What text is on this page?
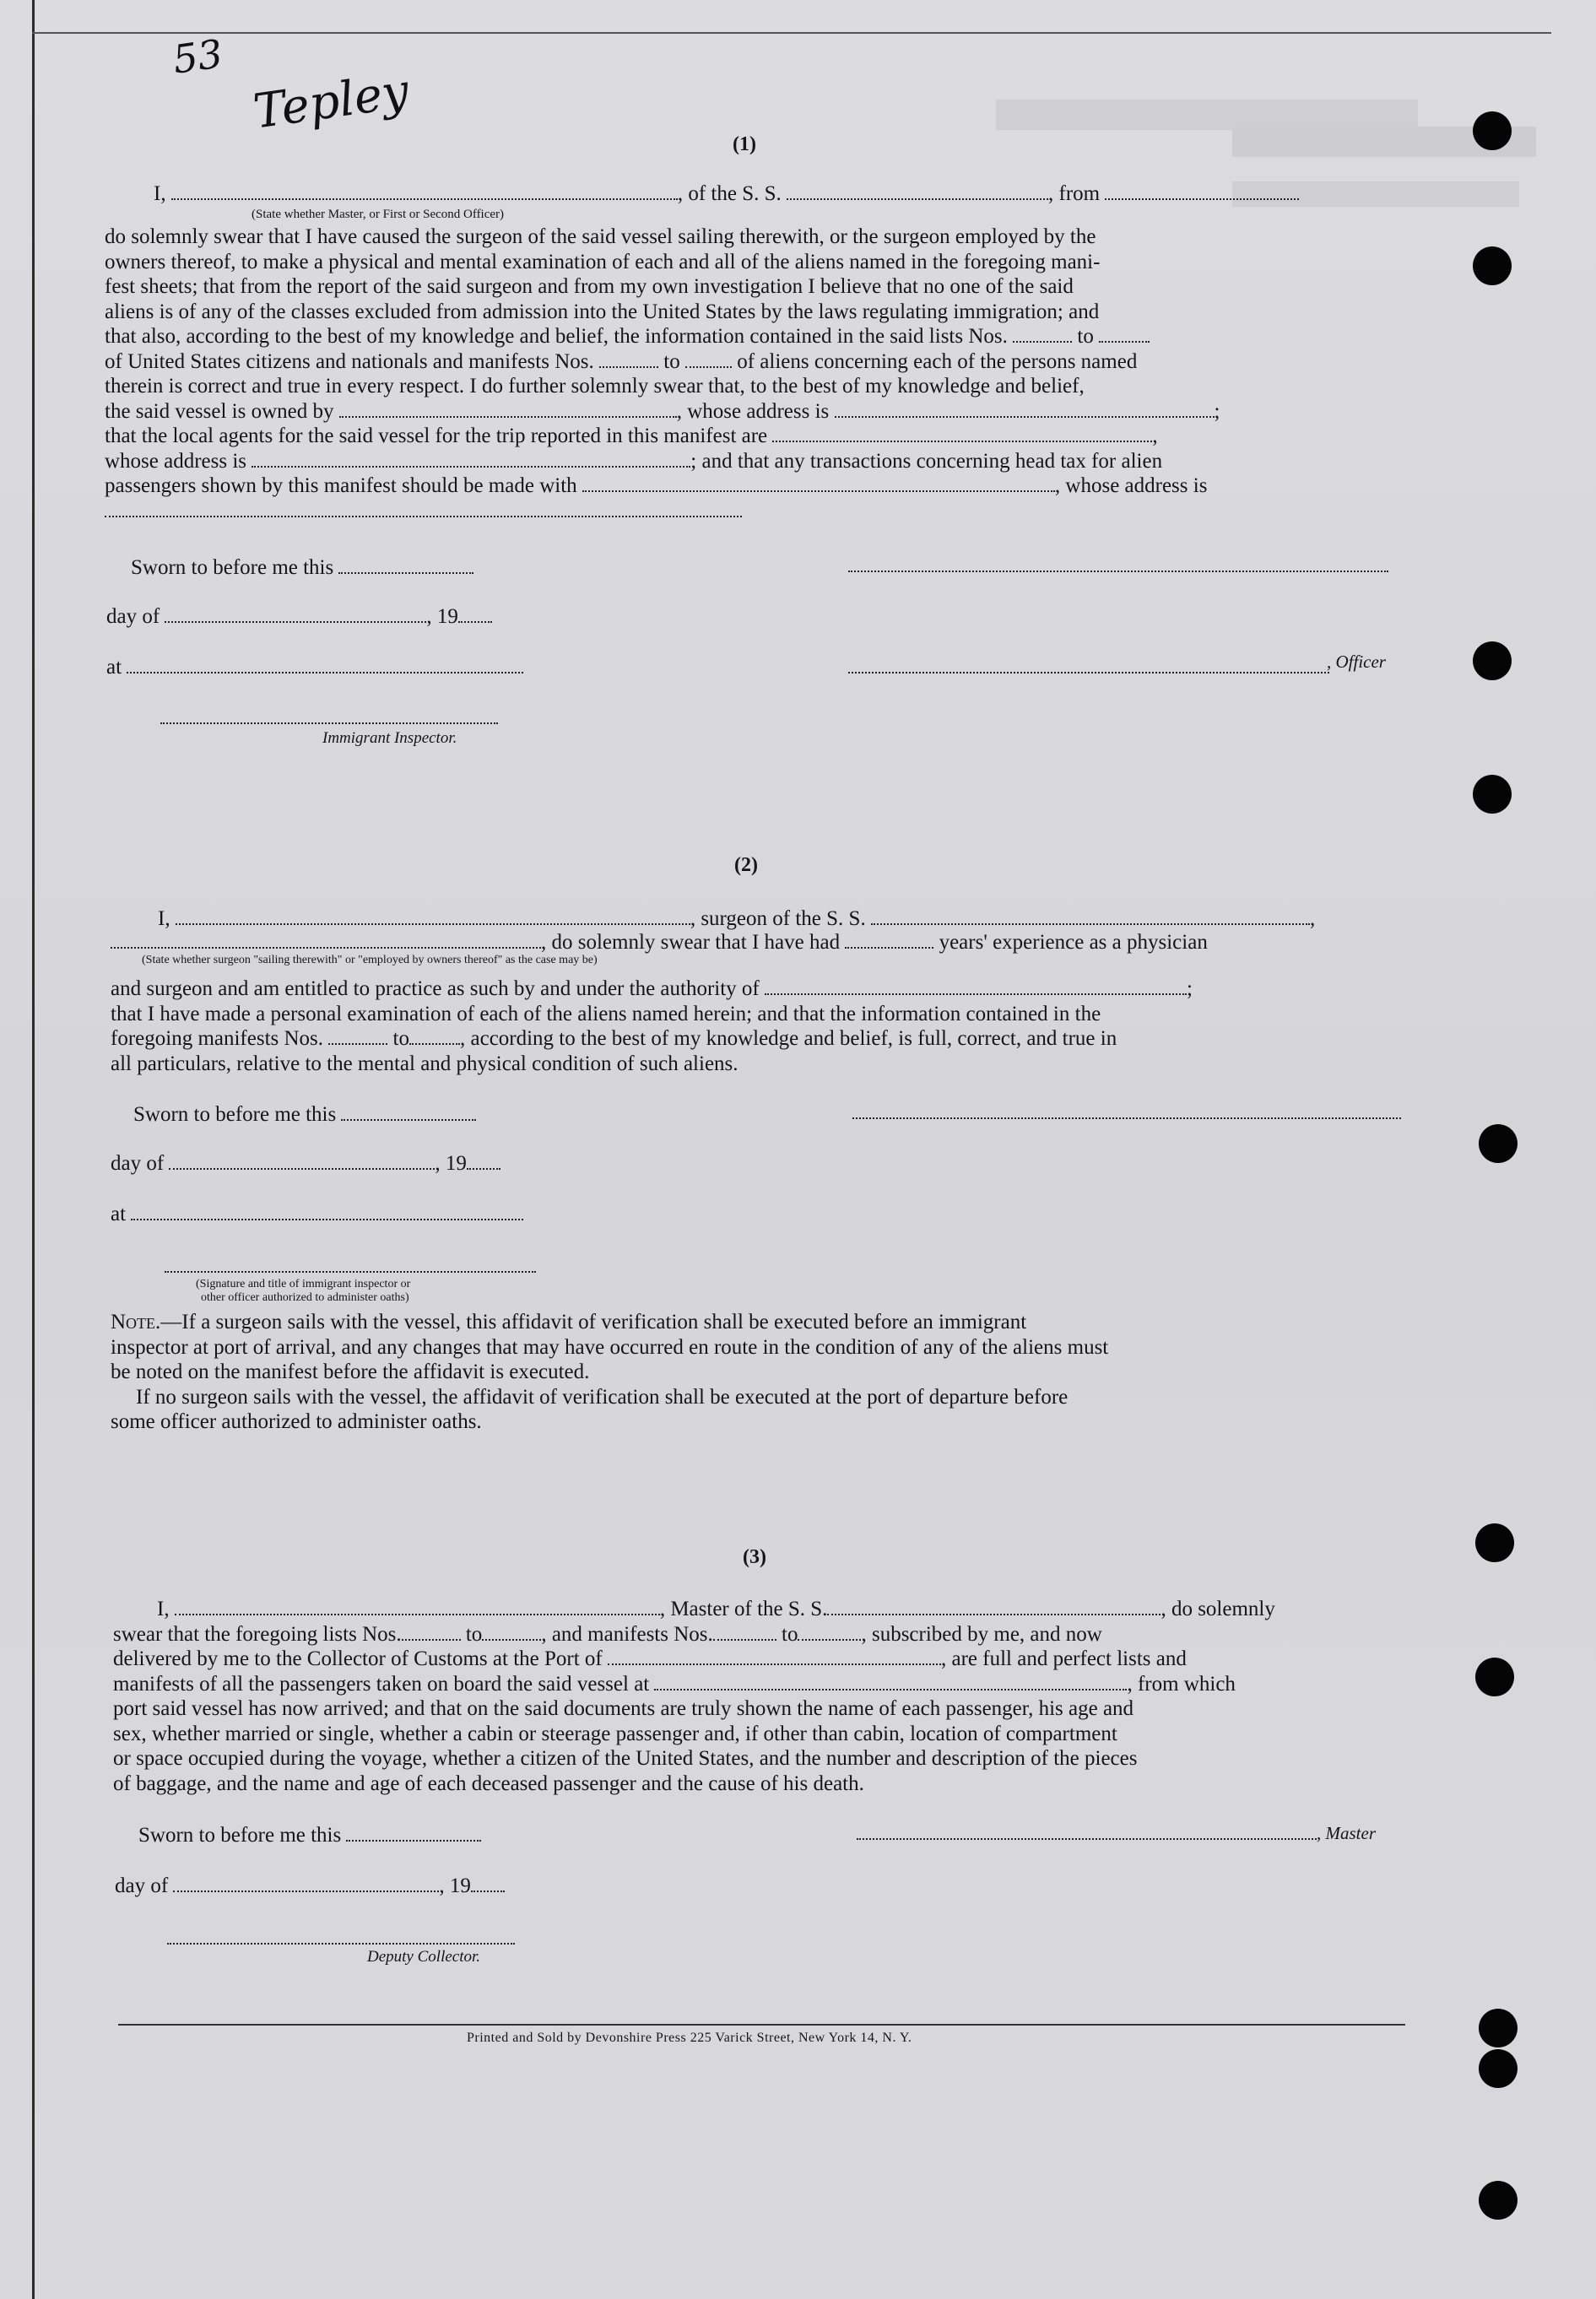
53
Tepley
(1)
I,	, of the S. S.	, from
(State whether Master, or First or Second Officer)
do solemnly swear that I have caused the surgeon of the said vessel sailing therewith, or the surgeon employed by the
owners thereof, to make a physical and mental examination of each and all of the aliens named in the foregoing mani-
fest sheets; that from the report of the said surgeon and from my own investigation I believe that no one of the said
aliens is of any of the classes excluded from admission into the United States by the laws regulating immigration; and
that also, according to the best of my knowledge and belief, the information contained in the said lists Nos.	to
of United States citizens and nationals and manifests Nos.	to	of aliens concerning each of the persons named
therein is correct and true in every respect. I do further solemnly swear that, to the best of my knowledge and belief,
the said vessel is owned by	, whose address is	;
that the local agents for the said vessel for the trip reported in this manifest are	,
whose address is	; and that any transactions concerning head tax for alien
passengers shown by this manifest should be made with	, whose address is
Sworn to before me this
day of	, 19
at	, Officer
Immigrant Inspector.
(2)
I,	, surgeon of the S. S.	,
, do solemnly swear that I have had	years' experience as a physician
(State whether surgeon "sailing therewith" or "employed by owners thereof" as the case may be)
and surgeon and am entitled to practice as such by and under the authority of	;
that I have made a personal examination of each of the aliens named herein; and that the information contained in the
foregoing manifests Nos.	to , according to the best of my knowledge and belief, is full, correct, and true in
all particulars, relative to the mental and physical condition of such aliens.
Sworn to before me this
day of	, 19
at
(Signature and title of immigrant inspector or
other officer authorized to administer oaths)
Note.—If a surgeon sails with the vessel, this affidavit of verification shall be executed before an immigrant
inspector at port of arrival, and any changes that may have occurred en route in the condition of any of the aliens must
be noted on the manifest before the affidavit is executed.
If no surgeon sails with the vessel, the affidavit of verification shall be executed at the port of departure before
some officer authorized to administer oaths.
(3)
I,	, Master of the S. S.	, do solemnly
swear that the foregoing lists Nos.	to	, and manifests Nos.	to	, subscribed by me, and now
delivered by me to the Collector of Customs at the Port of	, are full and perfect lists and
manifests of all the passengers taken on board the said vessel at	, from which
port said vessel has now arrived; and that on the said documents are truly shown the name of each passenger, his age and
sex, whether married or single, whether a cabin or steerage passenger and, if other than cabin, location of compartment
or space occupied during the voyage, whether a citizen of the United States, and the number and description of the pieces
of baggage, and the name and age of each deceased passenger and the cause of his death.
Sworn to before me this	, Master
day of	, 19
Deputy Collector.
Printed and Sold by Devonshire Press 225 Varick Street, New York 14, N. Y.
